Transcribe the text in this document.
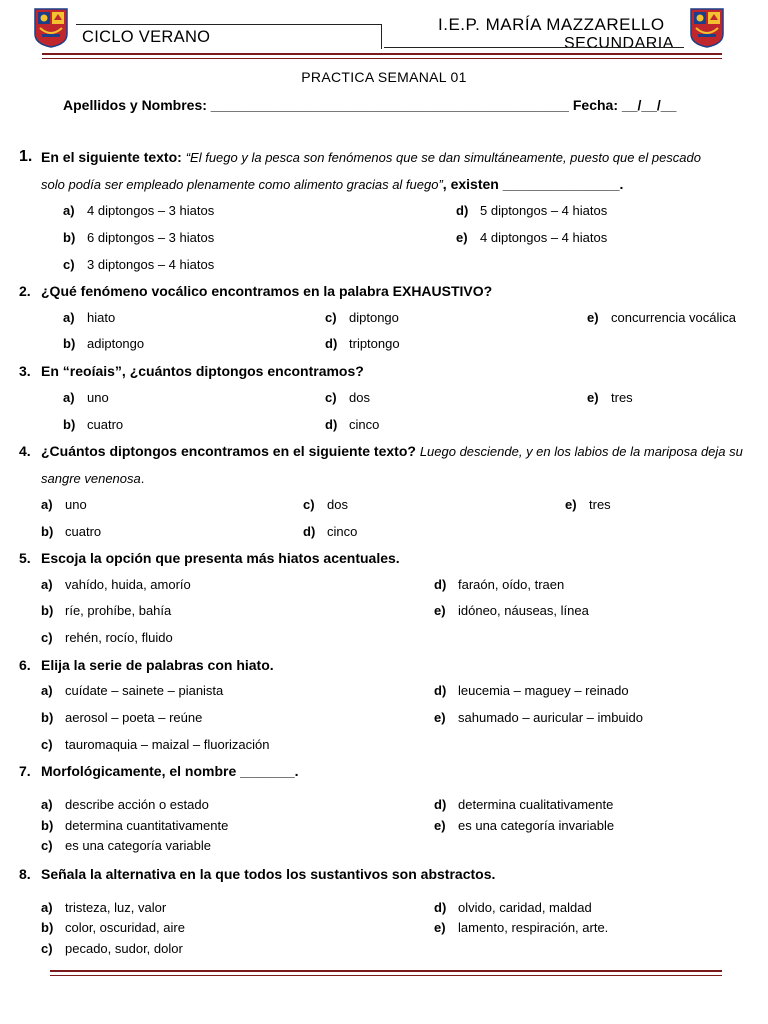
CICLO VERANO
I.E.P. MARÍA MAZZARELLO
SECUNDARIA
PRACTICA SEMANAL 01
Apellidos y Nombres: ______________________________________________ Fecha: __/__/__
1. En el siguiente texto: “El fuego y la pesca son fenómenos que se dan simultáneamente, puesto que el pescado
solo podía ser empleado plenamente como alimento gracias al fuego”, existen _______________.
a) 4 diptongos – 3 hiatos
b) 6 diptongos – 3 hiatos
c) 3 diptongos – 4 hiatos
d) 5 diptongos – 4 hiatos
e) 4 diptongos – 4 hiatos
2. ¿Qué fenómeno vocálico encontramos en la palabra EXHAUSTIVO?
a) hiato
b) adiptongo
c) diptongo
d) triptongo
e) concurrencia vocálica
3. En “reoíais”, ¿cuántos diptongos encontramos?
a) uno
b) cuatro
c) dos
d) cinco
e) tres
4. ¿Cuántos diptongos encontramos en el siguiente texto? Luego desciende, y en los labios de la mariposa deja su
sangre venenosa.
a) uno
b) cuatro
c) dos
d) cinco
e) tres
5. Escoja la opción que presenta más hiatos acentuales.
a) vahído, huida, amorío
b) ríe, prohíbe, bahía
c) rehén, rocío, fluido
d) faraón, oído, traen
e) idóneo, náuseas, línea
6. Elija la serie de palabras con hiato.
a) cuídate – sainete – pianista
b) aerosol – poeta – reúne
c) tauromaquia – maizal – fluorización
d) leucemia – maguey – reinado
e) sahumado – auricular – imbuido
7. Morfológicamente, el nombre _______.
a) describe acción o estado
b) determina cuantitativamente
c) es una categoría variable
d) determina cualitativamente
e) es una categoría invariable
8. Señala la alternativa en la que todos los sustantivos son abstractos.
a) tristeza, luz, valor
b) color, oscuridad, aire
c) pecado, sudor, dolor
d) olvido, caridad, maldad
e) lamento, respiración, arte.
